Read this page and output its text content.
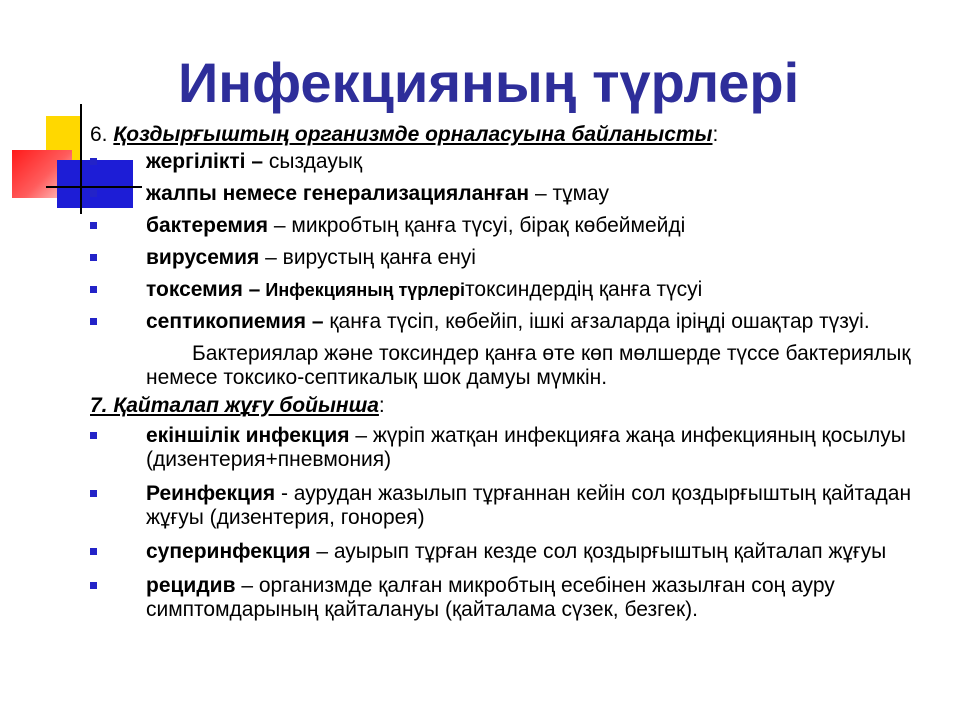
Инфекцияның түрлері
6. Қоздырғыштың организмде орналасуына байланысты:
жергілікті – сыздауық
жалпы немесе генерализацияланған – тұмау
бактеремия – микробтың қанға түсуі, бірақ көбеймейді
вирусемия – вирустың қанға енуі
токсемия – Инфекцияның түрлерітоксиндердің қанға түсуі
септикопиемия – қанға түсіп, көбейіп, ішкі ағзаларда іріңді ошақтар түзуі.
Бактериялар және токсиндер қанға өте көп мөлшерде түссе бактериялық немесе токсико-септикалық шок дамуы мүмкін.
7. Қайталап жұғу бойынша:
екіншілік инфекция – жүріп жатқан инфекцияға жаңа инфекцияның қосылуы (дизентерия+пневмония)
Реинфекция - аурудан жазылып тұрғаннан кейін сол қоздырғыштың қайтадан жұғуы (дизентерия, гонорея)
суперинфекция – ауырып тұрған кезде сол қоздырғыштың қайталап жұғуы
рецидив – организмде қалған микробтың есебінен жазылған соң ауру симптомдарының қайталануы (қайталама сүзек, безгек).
